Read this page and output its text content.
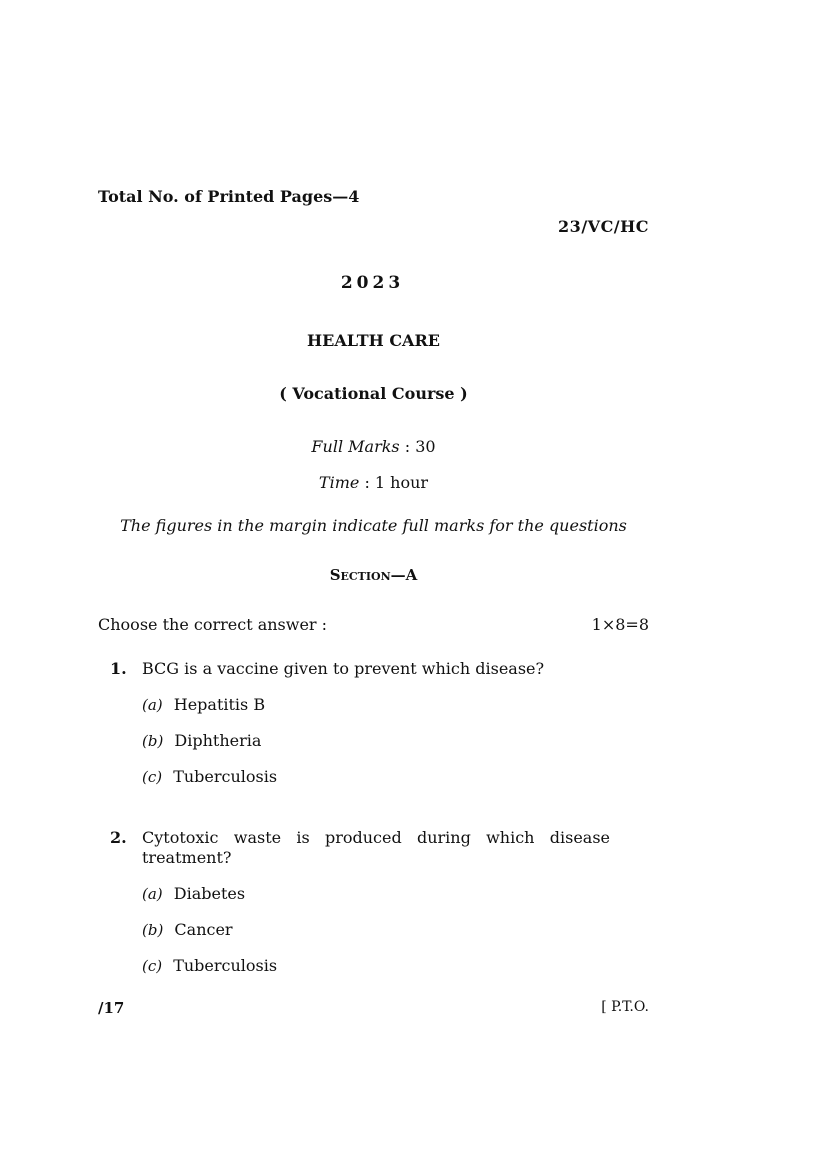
Total No. of Printed Pages—4
23/VC/HC
2023
HEALTH CARE
( Vocational Course )
Full Marks : 30
Time : 1 hour
The figures in the margin indicate full marks for the questions
Section—A
Choose the correct answer :	1×8=8
1. BCG is a vaccine given to prevent which disease?
(a) Hepatitis B
(b) Diphtheria
(c) Tuberculosis
2. Cytotoxic waste is produced during which disease treatment?
(a) Diabetes
(b) Cancer
(c) Tuberculosis
/17	[ P.T.O.
